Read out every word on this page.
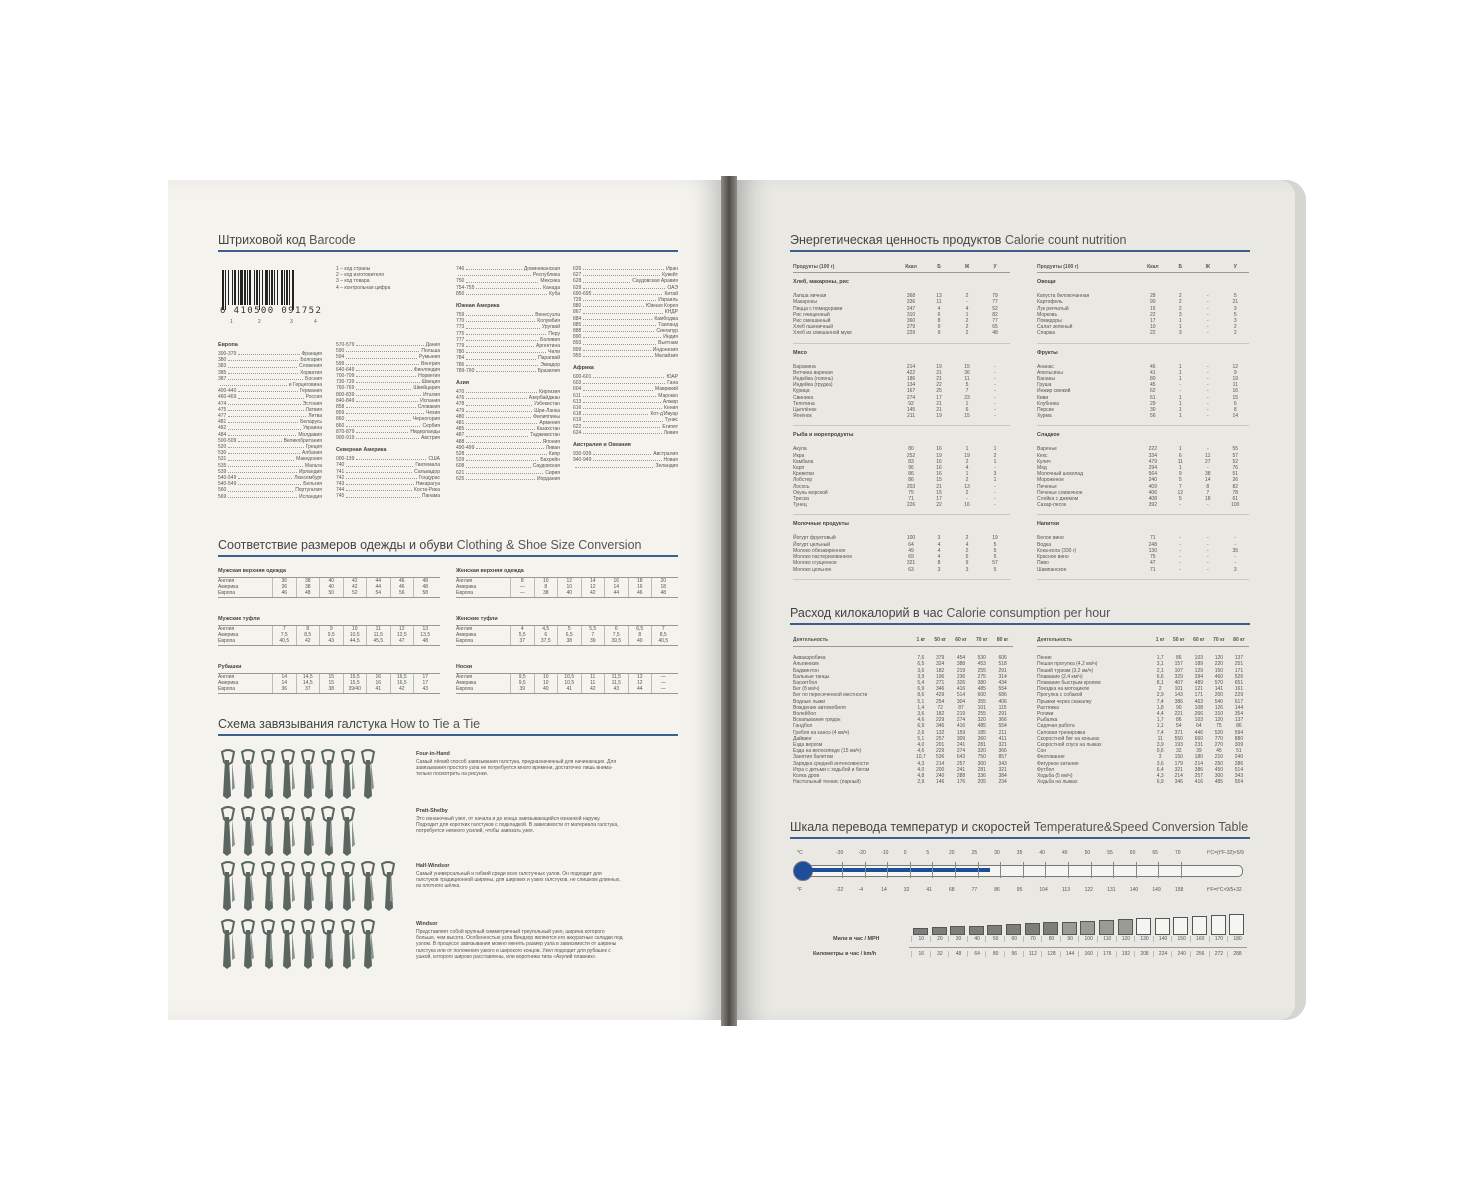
Штриховой код Barcode
6 410500 091752
1	2	3	4
1 – код страны
2 – код изготовителя
3 – код товара
4 – контрольная цифра
Европа
300-379	Франция
380	Болгария
383	Словения
385	Хорватия
387	Босния
и Герцеговина
400-440	Германия
460-469	Россия
474	Эстония
475	Латвия
477	Литва
481	Беларусь
482	Украина
484	Молдавия
500-509	Великобритания
520	Греция
530	Албания
531	Македония
535	Мальта
539	Ирландия
540-549	Люксембург
540-549	Бельгия
560	Португалия
569	Исландия
570-579	Дания
590	Польша
594	Румыния
599	Венгрия
640-649	Финляндия
700-709	Норвегия
730-739	Швеция
760-769	Швейцария
800-839	Италия
840-849	Испания
858	Словакия
859	Чехия
860	Черногория
860	Сербия
870-879	Нидерланды
900-919	Австрия
Северная Америка
000-139	США
740	Гватемала
741	Сальвадор
742	Гондурас
743	Никарагуа
744	Коста-Рика
745	Панама
746	Доминиканская
Республика
750	Мексика
754-755	Канада
850	Куба
Южная Америка
759	Венесуэла
770	Колумбия
773	Уругвай
775	Перу
777	Боливия
779	Аргентина
780	Чили
784	Парагвай
786	Эквадор
789-790	Бразилия
Азия
470	Киргизия
476	Азербайджан
478	Узбекистан
479	Шри-Ланка
480	Филиппины
481	Армения
485	Казахстан
487	Таджикистан
488	Япония
490-499	Ливан
528	Кипр
529	Бахрейн
608	Саудовская
621	Сирия
625	Иордания
626	Иран
627	Кувейт
628	Саудовская Аравия
629	ОАЭ
690-695	Китай
729	Израиль
880	Южная Корея
867	КНДР
884	Камбоджа
885	Таиланд
888	Сингапур
890	Индия
893	Вьетнам
899	Индонезия
955	Малайзия
Африка
600-601	ЮАР
603	Гана
604	Маврикий
611	Марокко
613	Алжир
616	Кения
618	Кот-д'Ивуар
619	Тунис
622	Египет
624	Ливия
Австралия и Океания
930-939	Австралия
940-949	Новая
Зеландия
Соответствие размеров одежды и обуви Clothing & Shoe Size Conversion
Мужская верхняя одежда
Англия	36	38	40	42	44	46	48
Америка	36	38	40	42	44	46	48
Европа	46	48	50	52	54	56	58
Женская верхняя одежда
Англия	8	10	12	14	16	18	20
Америка	—	8	10	12	14	16	18
Европа	—	38	40	42	44	46	48
Мужские туфли
Англия	7	8	9	10	11	12	13
Америка	7,5	8,5	9,5	10,5	11,5	12,5	13,5
Европа	40,5	42	43	44,5	45,5	47	48
Женские туфли
Англия	4	4,5	5	5,5	6	6,5	7
Америка	5,5	6	6,5	7	7,5	8	8,5
Европа	37	37,5	38	39	39,5	40	40,5
Рубашки
Англия	14	14,5	15	15,5	16	16,5	17
Америка	14	14,5	15	15,5	16	16,5	17
Европа	36	37	38	39/40	41	42	43
Носки
Англия	9,5	10	10,5	11	11,5	12	—
Америка	9,5	10	10,5	11	11,5	12	—
Европа	39	40	41	42	43	44	—
Схема завязывания галстука How to Tie a Tie
Four-in-Hand
Самый лёгкий способ завязывания галстука, предназначенный для начинающих. Для
завязывания простого узла не потребуется много времени, достаточно лишь внима-
тельно посмотреть на рисунки.
Pratt-Shelby
Это изнаночный узел, от начала и до конца завязывающийся изнанкой наружу.
Подходит для коротких галстуков с подкладкой. В зависимости от материала галстука,
потребуется немного усилий, чтобы завязать узел.
Half-Windsor
Самый универсальный и гибкий среди всех галстучных узлов. Он подходит для
галстуков традиционной ширины, для широких и узких галстуков, не слишком длинных,
из плотного шёлка.
Windsor
Представляет собой крупный симметричный треугольный узел, ширина которого
больше, чем высота. Особенностью узла Виндзор являются его аккуратные складки под
узлом. В процессе завязывания можно менять размер узла в зависимости от ширины
галстука или от положения узкого и широкого концов. Узел подходит для рубашек с
ушкой, которого широко расставлены, или воротника типа «Акулий плавник».
Энергетическая ценность продуктов Calorie count nutrition
Продукты (100 г)	Ккал	Б	Ж	У
Хлеб, макароны, рис
Лапша яичная	368	13	2	79
Макароны	336	11	-	77
Пицца с помидорами	247	4	4	52
Рис очищенный	310	6	1	82
Рис смешанный	360	8	2	77
Хлеб пшеничный	279	9	2	65
Хлеб из смешанной муки	229	9	2	48
Мясо
Баранина	214	19	15	-
Ветчина вареная	422	21	36	-
Индейка (голень)	186	21	11	-
Индейка (грудка)	134	22	5	-
Курица	167	25	7	-
Свинина	274	17	23	-
Телятина	92	21	1	-
Цыплёнок	145	21	6	-
Ягнёнок	211	19	15	-
Рыба и морепродукты
Акула	80	16	1	1
Икра	252	19	19	2
Камбала	83	16	2	1
Карп	96	16	4	-
Креветки	86	16	1	3
Лобстер	86	15	2	1
Лосось	203	21	13	-
Окунь морской	75	15	2	-
Треска	71	17	-	-
Тунец	226	22	16	-
Молочные продукты
Йогурт фруктовый	100	3	2	19
Йогурт цельный	64	4	4	5
Молоко обезжиренное	49	4	2	5
Молоко пастеризованное	69	4	5	5
Молоко сгущенное	321	8	9	57
Молоко цельное	63	3	3	5
Продукты (100 г)	Ккал	Б	Ж	У
Овощи
Капуста белокочанная	28	2	-	5
Картофель	90	2	-	21
Лук репчатый	15	2	-	3
Морковь	22	3	-	5
Помидоры	17	1	-	3
Салат зеленый	10	1	-	2
Спаржа	22	3	-	2
Фрукты
Ананас	46	1	-	12
Апельсины	41	1	-	9
Бананы	80	1	-	19
Груша	45	-	-	11
Инжир свежий	62	-	-	16
Киви	61	1	-	15
Клубника	29	1	-	6
Персик	30	1	-	8
Хурма	56	1	-	14
Сладкое
Варенье	222	1	-	55
Кекс	334	6	11	57
Кулич	479	11	27	52
Мед	294	1	-	76
Молочный шоколад	564	9	38	51
Мороженое	240	5	14	26
Печенье	409	7	8	82
Печенье сливочное	406	12	7	78
Слойка с джемом	408	5	18	61
Сахар-песок	392	-	-	100
Напитки
Белое вино	71	-	-	-
Водка	248	-	-	-
Кока-кола (330 г)	130	-	-	35
Красное вино	75	-	-	-
Пиво	47	-	-	-
Шампанское	71	-	-	3
Расход килокалорий в час Calorie consumption per hour
Деятельность	1 кг	50 кг	60 кг	70 кг	80 кг
Аквааэробика	7,6	379	454	530	606
Альпинизм	6,5	324	388	453	518
Бадминтон	3,6	182	219	255	291
Бальные танцы	3,9	196	236	275	314
Баскетбол	5,4	271	326	380	434
Бег (8 км/ч)	6,9	346	416	485	554
Бег по пересеченной местности	8,6	429	514	600	686
Водные лыжи	5,1	254	304	355	406
Вождение автомобиля	1,4	72	87	101	115
Волейбол	3,6	182	219	255	291
Вскапывание грядок	4,6	229	274	320	366
Гандбол	6,9	346	416	485	554
Гребля на каноэ (4 км/ч)	2,6	132	159	185	211
Дайвинг	5,1	257	309	360	411
Езда верхом	4,0	201	241	281	321
Езда на велосипеде (15 км/ч)	4,6	229	274	320	366
Занятия балетом	10,7	536	643	750	857
Зарядка средней интенсивности	4,3	214	257	300	343
Игра с детьми с ходьбой и бегом	4,0	200	241	281	321
Колка дров	4,8	240	288	336	384
Настольный теннис (парный)	2,9	146	176	205	234
Деятельность	1 кг	50 кг	60 кг	70 кг	80 кг
Пение	1,7	86	103	120	137
Пешая прогулка (4,2 км/ч)	3,1	157	189	220	251
Пеший туризм (3,2 км/ч)	2,1	107	129	150	171
Плавание (2,4 км/ч)	6,6	329	394	460	526
Плавание быстрым кролем	8,1	407	489	570	651
Поездка на мотоцикле	2	101	121	141	161
Прогулка с собакой	2,9	143	171	200	229
Прыжки через скакалку	7,4	386	463	540	617
Растяжка	1,8	90	108	126	144
Ролики	4,4	221	266	310	354
Рыбалка	1,7	86	103	120	137
Сидячая работа	1,1	54	64	75	86
Силовая тренировка	7,4	371	446	520	594
Скоростной бег на коньках	11	550	660	770	880
Скоростной спуск на лыжах	3,9	193	231	270	309
Сон	0,6	32	39	45	51
Фехтование	3	150	180	210	240
Фигурное катание	3,6	179	214	250	286
Футбол	6,4	321	386	450	514
Ходьба (5 км/ч)	4,3	214	257	300	343
Ходьба на лыжах	6,9	346	416	485	554
Шкала перевода температур и скоростей Temperature&Speed Conversion Table
°C
°F
-30	-20	-10	0	5	20	25	30	35	40	45	50	55	60	65	70
-22	-4	14	32	41	68	77	86	95	104	113	122	131	140	149	158
t°C=(t°F-32)×5/9
t°F=t°C×9/5+32
Мили в час / MPH
Километры в час / km/h
10	20	30	40	50	60	70	80	90	100	110	120	130	140	150	160	170	180
16	32	48	64	80	96	112	128	144	160	176	192	208	224	240	256	272	288
